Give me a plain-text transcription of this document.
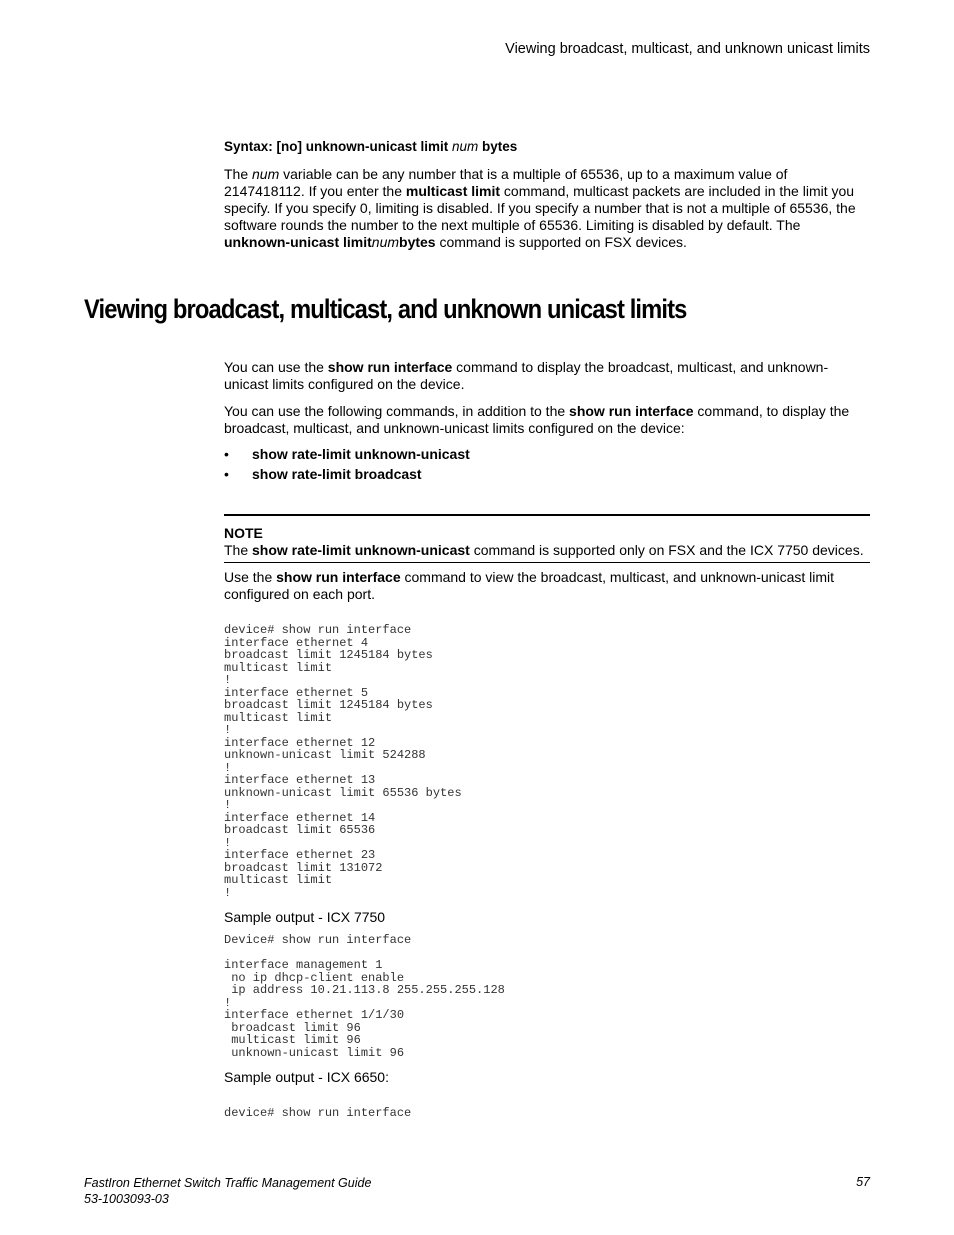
Viewing broadcast, multicast, and unknown unicast limits
Syntax: [no] unknown-unicast limit num bytes

The num variable can be any number that is a multiple of 65536, up to a maximum value of 2147418112. If you enter the multicast limit command, multicast packets are included in the limit you specify. If you specify 0, limiting is disabled. If you specify a number that is not a multiple of 65536, the software rounds the number to the next multiple of 65536. Limiting is disabled by default. The unknown-unicast limitnumbytes command is supported on FSX devices.

Viewing broadcast, multicast, and unknown unicast limits

You can use the show run interface command to display the broadcast, multicast, and unknown-unicast limits configured on the device.

You can use the following commands, in addition to the show run interface command, to display the broadcast, multicast, and unknown-unicast limits configured on the device:

• show rate-limit unknown-unicast
• show rate-limit broadcast
NOTE
The show rate-limit unknown-unicast command is supported only on FSX and the ICX 7750 devices.

Use the show run interface command to view the broadcast, multicast, and unknown-unicast limit configured on each port.

device# show run interface
interface ethernet 4
broadcast limit 1245184 bytes
multicast limit
!
interface ethernet 5
broadcast limit 1245184 bytes
multicast limit
!
interface ethernet 12
unknown-unicast limit 524288
!
interface ethernet 13
unknown-unicast limit 65536 bytes
!
interface ethernet 14
broadcast limit 65536
!
interface ethernet 23
broadcast limit 131072
multicast limit
!
Sample output - ICX 7750
Device# show run interface

interface management 1
no ip dhcp-client enable
ip address 10.21.113.8 255.255.255.128
!
interface ethernet 1/1/30
broadcast limit 96
multicast limit 96
unknown-unicast limit 96
Sample output - ICX 6650:
device# show run interface
FastIron Ethernet Switch Traffic Management Guide
53-1003093-03
57
